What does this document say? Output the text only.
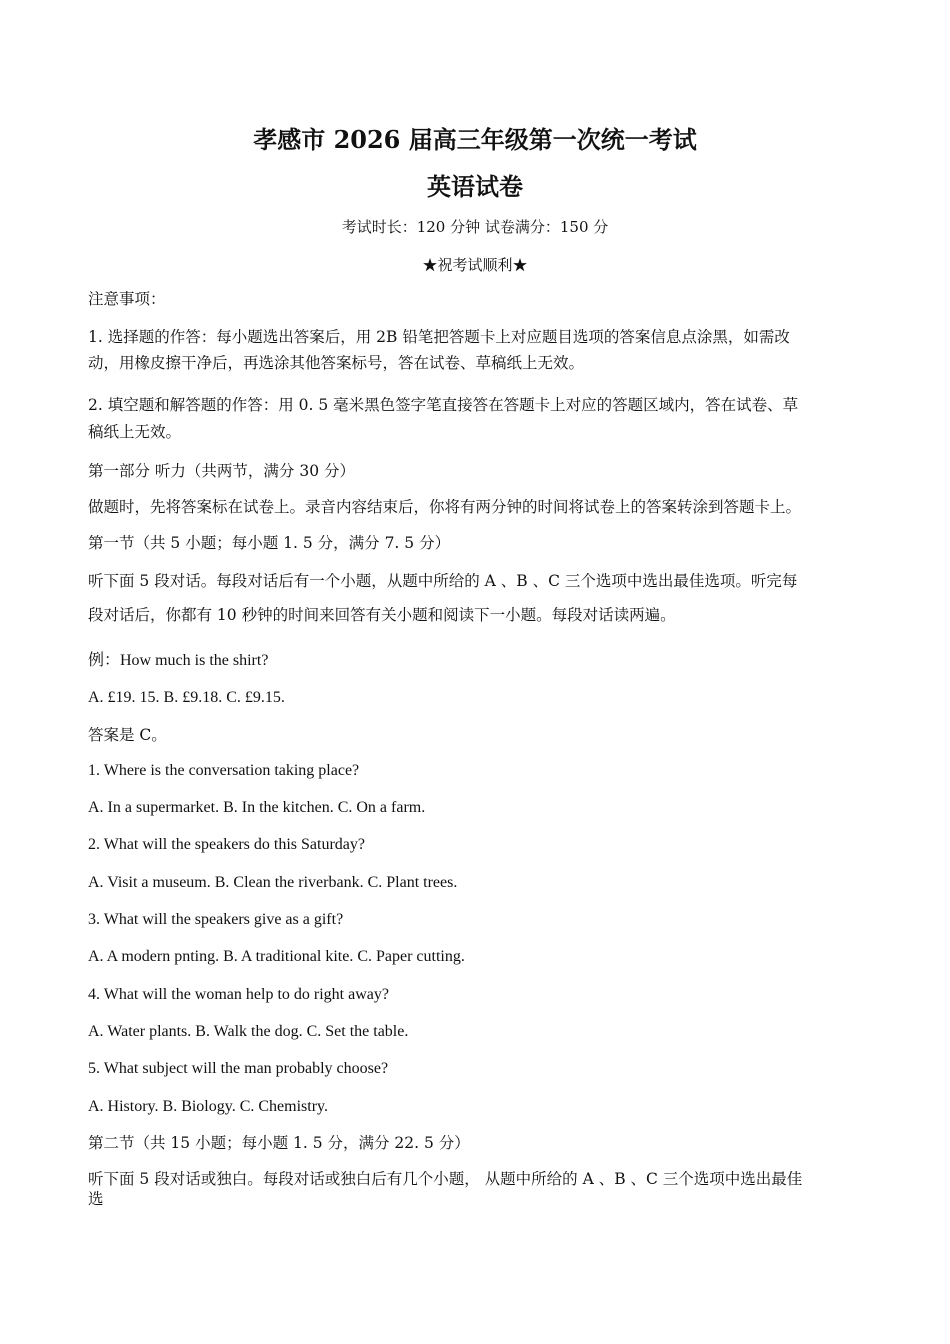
孝感市 2026 届高三年级第一次统一考试
英语试卷
考试时长：120 分钟 试卷满分：150 分
★祝考试顺利★
注意事项：
1. 选择题的作答：每小题选出答案后，用 2B 铅笔把答题卡上对应题目选项的答案信息点涂黑，如需改
动，用橡皮擦干净后，再选涂其他答案标号，答在试卷、草稿纸上无效。
2. 填空题和解答题的作答：用 0. 5 毫米黑色签字笔直接答在答题卡上对应的答题区域内，答在试卷、草
稿纸上无效。
第一部分 听力（共两节，满分 30 分）
做题时，先将答案标在试卷上。录音内容结束后，你将有两分钟的时间将试卷上的答案转涂到答题卡上。
第一节（共 5 小题；每小题 1. 5 分，满分 7. 5 分）
听下面 5 段对话。每段对话后有一个小题，从题中所给的 A 、B 、C 三个选项中选出最佳选项。听完每
段对话后，你都有 10 秒钟的时间来回答有关小题和阅读下一小题。每段对话读两遍。
例：How much is the shirt?
A. £19. 15. B. £9.18. C. £9.15.
答案是 C。
1. Where is the conversation taking place?
A. In a supermarket. B. In the kitchen. C. On a farm.
2. What will the speakers do this Saturday?
A. Visit a museum. B. Clean the riverbank. C. Plant trees.
3. What will the speakers give as a gift?
A. A modern pnting. B. A traditional kite. C. Paper cutting.
4. What will the woman help to do right away?
A. Water plants. B. Walk the dog. C. Set the table.
5. What subject will the man probably choose?
A. History. B. Biology. C. Chemistry.
第二节（共 15 小题；每小题 1. 5 分，满分 22. 5 分）
听下面 5 段对话或独白。每段对话或独白后有几个小题， 从题中所给的 A 、B 、C 三个选项中选出最佳
选
